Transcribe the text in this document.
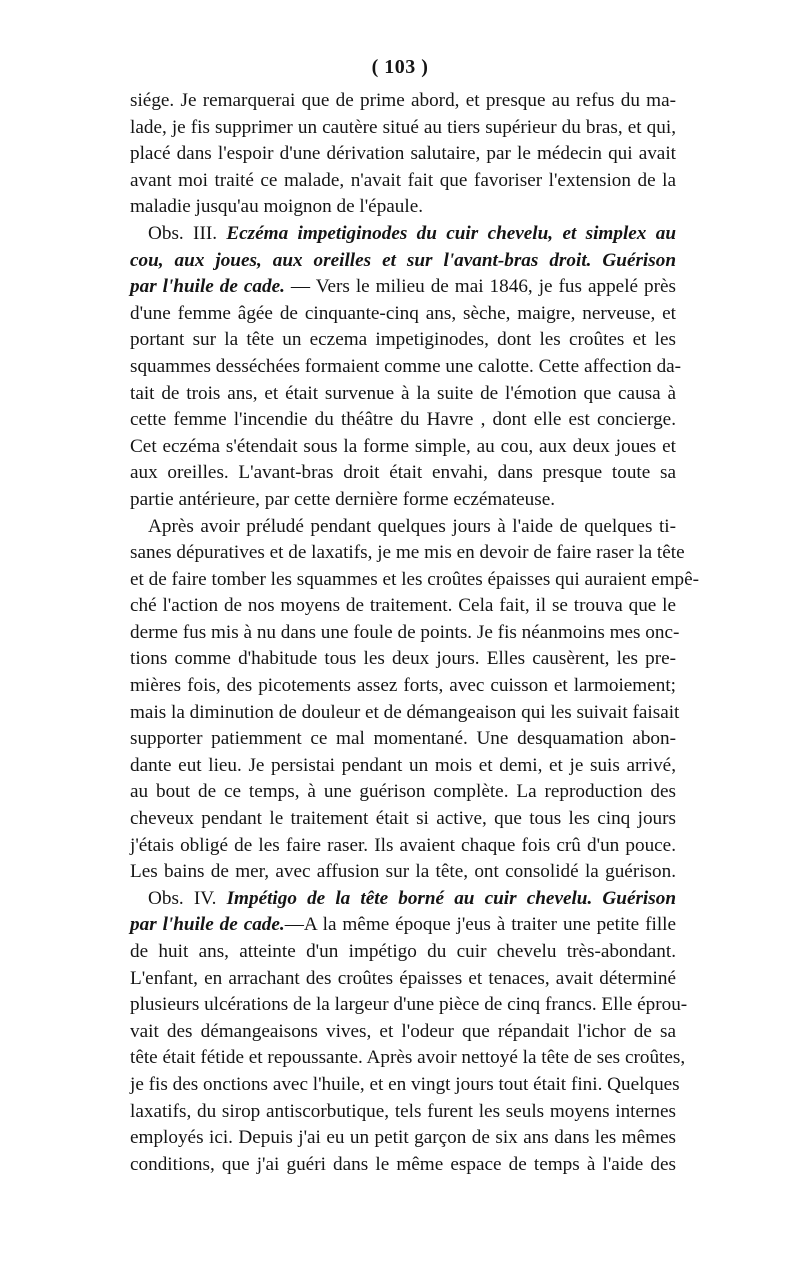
( 103 )
siége. Je remarquerai que de prime abord, et presque au refus du ma-
lade, je fis supprimer un cautère situé au tiers supérieur du bras, et qui,
placé dans l'espoir d'une dérivation salutaire, par le médecin qui avait
avant moi traité ce malade, n'avait fait que favoriser l'extension de la
maladie jusqu'au moignon de l'épaule.
Obs. III. Eczéma impetiginodes du cuir chevelu, et simplex au
cou, aux joues, aux oreilles et sur l'avant-bras droit. Guérison
par l'huile de cade. — Vers le milieu de mai 1846, je fus appelé près
d'une femme âgée de cinquante-cinq ans, sèche, maigre, nerveuse, et
portant sur la tête un eczema impetiginodes, dont les croûtes et les
squammes desséchées formaient comme une calotte. Cette affection da-
tait de trois ans, et était survenue à la suite de l'émotion que causa à
cette femme l'incendie du théâtre du Havre , dont elle est concierge.
Cet eczéma s'étendait sous la forme simple, au cou, aux deux joues et
aux oreilles. L'avant-bras droit était envahi, dans presque toute sa
partie antérieure, par cette dernière forme eczémateuse.
Après avoir préludé pendant quelques jours à l'aide de quelques ti-
sanes dépuratives et de laxatifs, je me mis en devoir de faire raser la tête
et de faire tomber les squammes et les croûtes épaisses qui auraient empê-
ché l'action de nos moyens de traitement. Cela fait, il se trouva que le
derme fus mis à nu dans une foule de points. Je fis néanmoins mes onc-
tions comme d'habitude tous les deux jours. Elles causèrent, les pre-
mières fois, des picotements assez forts, avec cuisson et larmoiement;
mais la diminution de douleur et de démangeaison qui les suivait faisait
supporter patiemment ce mal momentané. Une desquamation abon-
dante eut lieu. Je persistai pendant un mois et demi, et je suis arrivé,
au bout de ce temps, à une guérison complète. La reproduction des
cheveux pendant le traitement était si active, que tous les cinq jours
j'étais obligé de les faire raser. Ils avaient chaque fois crû d'un pouce.
Les bains de mer, avec affusion sur la tête, ont consolidé la guérison.
Obs. IV. Impétigo de la tête borné au cuir chevelu. Guérison
par l'huile de cade.—A la même époque j'eus à traiter une petite fille
de huit ans, atteinte d'un impétigo du cuir chevelu très-abondant.
L'enfant, en arrachant des croûtes épaisses et tenaces, avait déterminé
plusieurs ulcérations de la largeur d'une pièce de cinq francs. Elle éprou-
vait des démangeaisons vives, et l'odeur que répandait l'ichor de sa
tête était fétide et repoussante. Après avoir nettoyé la tête de ses croûtes,
je fis des onctions avec l'huile, et en vingt jours tout était fini. Quelques
laxatifs, du sirop antiscorbutique, tels furent les seuls moyens internes
employés ici. Depuis j'ai eu un petit garçon de six ans dans les mêmes
conditions, que j'ai guéri dans le même espace de temps à l'aide des
